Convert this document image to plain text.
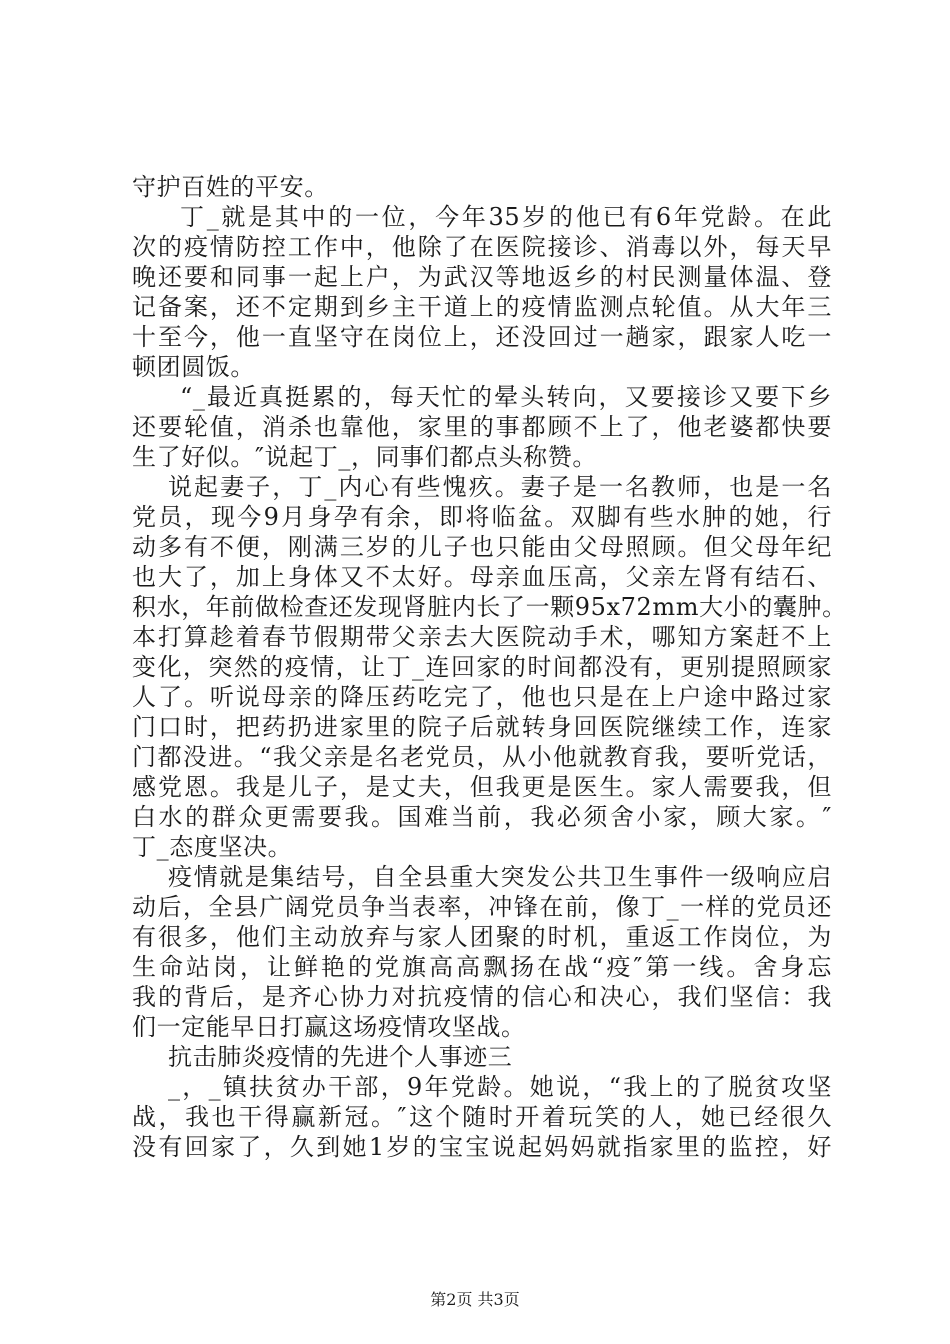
守护百姓的平安。
丁_就是其中的一位，今年35岁的他已有6年党龄。在此
次的疫情防控工作中，他除了在医院接诊、消毒以外，每天早
晚还要和同事一起上户，为武汉等地返乡的村民测量体温、登
记备案，还不定期到乡主干道上的疫情监测点轮值。从大年三
十至今，他一直坚守在岗位上，还没回过一趟家，跟家人吃一
顿团圆饭。
“_最近真挺累的，每天忙的晕头转向，又要接诊又要下乡
还要轮值，消杀也靠他，家里的事都顾不上了，他老婆都快要
生了好似。″说起丁_，同事们都点头称赞。
说起妻子，丁_内心有些愧疚。妻子是一名教师，也是一名
党员，现今9月身孕有余，即将临盆。双脚有些水肿的她，行
动多有不便，刚满三岁的儿子也只能由父母照顾。但父母年纪
也大了，加上身体又不太好。母亲血压高，父亲左肾有结石、
积水，年前做检查还发现肾脏内长了一颗95x72mm大小的囊肿。
本打算趁着春节假期带父亲去大医院动手术，哪知方案赶不上
变化，突然的疫情，让丁_连回家的时间都没有，更别提照顾家
人了。听说母亲的降压药吃完了，他也只是在上户途中路过家
门口时，把药扔进家里的院子后就转身回医院继续工作，连家
门都没进。“我父亲是名老党员，从小他就教育我，要听党话，
感党恩。我是儿子，是丈夫，但我更是医生。家人需要我，但
白水的群众更需要我。国难当前，我必须舍小家，顾大家。″
丁_态度坚决。
疫情就是集结号，自全县重大突发公共卫生事件一级响应启
动后，全县广阔党员争当表率，冲锋在前，像丁_一样的党员还
有很多，他们主动放弃与家人团聚的时机，重返工作岗位，为
生命站岗，让鲜艳的党旗高高飘扬在战“疫″第一线。舍身忘
我的背后，是齐心协力对抗疫情的信心和决心，我们坚信：我
们一定能早日打赢这场疫情攻坚战。
抗击肺炎疫情的先进个人事迹三
_，_镇扶贫办干部，9年党龄。她说，“我上的了脱贫攻坚
战，我也干得赢新冠。″这个随时开着玩笑的人，她已经很久
没有回家了，久到她1岁的宝宝说起妈妈就指家里的监控，好
第2页 共3页
